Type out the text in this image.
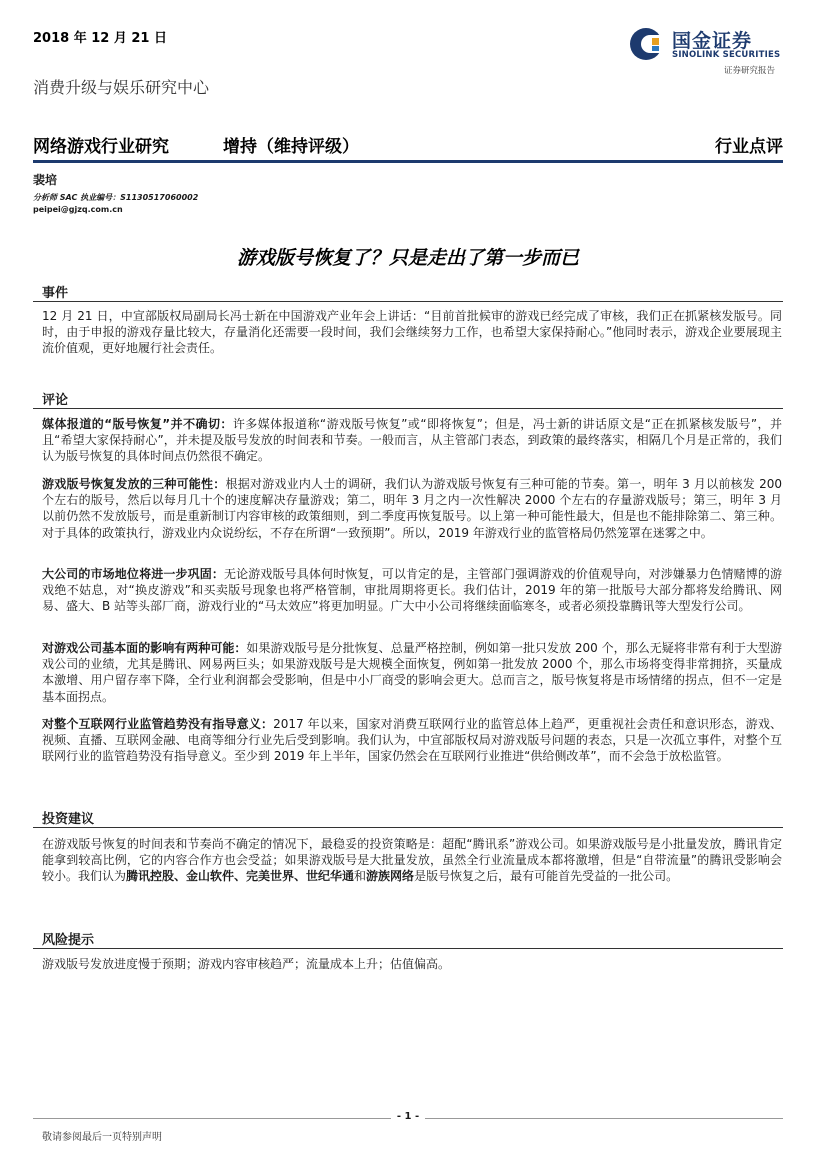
2018 年 12 月 21 日
消费升级与娱乐研究中心
国金证券
SINOLINK SECURITIES
证券研究报告
网络游戏行业研究	增持（维持评级）	行业点评
裴培
分析师 SAC 执业编号：S1130517060002
peipei@gjzq.com.cn
游戏版号恢复了？只是走出了第一步而已
事件

12 月 21 日，中宣部版权局副局长冯士新在中国游戏产业年会上讲话：“目前首批候审的游戏已经完成了审核，我们正在抓紧核发版号。同时，由于申报的游戏存量比较大，存量消化还需要一段时间，我们会继续努力工作，也希望大家保持耐心。”他同时表示，游戏企业要展现主流价值观，更好地履行社会责任。

评论

媒体报道的“版号恢复”并不确切：许多媒体报道称“游戏版号恢复”或“即将恢复”；但是，冯士新的讲话原文是“正在抓紧核发版号”，并且“希望大家保持耐心”，并未提及版号发放的时间表和节奏。一般而言，从主管部门表态，到政策的最终落实，相隔几个月是正常的，我们认为版号恢复的具体时间点仍然很不确定。

游戏版号恢复发放的三种可能性：根据对游戏业内人士的调研，我们认为游戏版号恢复有三种可能的节奏。第一，明年 3 月以前核发 200 个左右的版号，然后以每月几十个的速度解决存量游戏；第二，明年 3 月之内一次性解决 2000 个左右的存量游戏版号；第三，明年 3 月以前仍然不发放版号，而是重新制订内容审核的政策细则，到二季度再恢复版号。以上第一种可能性最大，但是也不能排除第二、第三种。对于具体的政策执行，游戏业内众说纷纭，不存在所谓“一致预期”。所以，2019 年游戏行业的监管格局仍然笼罩在迷雾之中。

大公司的市场地位将进一步巩固：无论游戏版号具体何时恢复，可以肯定的是，主管部门强调游戏的价值观导向，对涉嫌暴力色情赌博的游戏绝不姑息，对“换皮游戏”和买卖版号现象也将严格管制，审批周期将更长。我们估计，2019 年的第一批版号大部分都将发给腾讯、网易、盛大、B 站等头部厂商，游戏行业的“马太效应”将更加明显。广大中小公司将继续面临寒冬，或者必须投靠腾讯等大型发行公司。

对游戏公司基本面的影响有两种可能：如果游戏版号是分批恢复、总量严格控制，例如第一批只发放 200 个，那么无疑将非常有利于大型游戏公司的业绩，尤其是腾讯、网易两巨头；如果游戏版号是大规模全面恢复，例如第一批发放 2000 个，那么市场将变得非常拥挤，买量成本激增、用户留存率下降，全行业利润都会受影响，但是中小厂商受的影响会更大。总而言之，版号恢复将是市场情绪的拐点，但不一定是基本面拐点。

对整个互联网行业监管趋势没有指导意义：2017 年以来，国家对消费互联网行业的监管总体上趋严，更重视社会责任和意识形态，游戏、视频、直播、互联网金融、电商等细分行业先后受到影响。我们认为，中宣部版权局对游戏版号问题的表态，只是一次孤立事件，对整个互联网行业的监管趋势没有指导意义。至少到 2019 年上半年，国家仍然会在互联网行业推进“供给侧改革”，而不会急于放松监管。

投资建议

在游戏版号恢复的时间表和节奏尚不确定的情况下，最稳妥的投资策略是：超配“腾讯系”游戏公司。如果游戏版号是小批量发放，腾讯肯定能拿到较高比例，它的内容合作方也会受益；如果游戏版号是大批量发放，虽然全行业流量成本都将激增，但是“自带流量”的腾讯受影响会较小。我们认为腾讯控股、金山软件、完美世界、世纪华通和游族网络是版号恢复之后，最有可能首先受益的一批公司。

风险提示

游戏版号发放进度慢于预期；游戏内容审核趋严；流量成本上升；估值偏高。

- 1 -
敬请参阅最后一页特别声明
